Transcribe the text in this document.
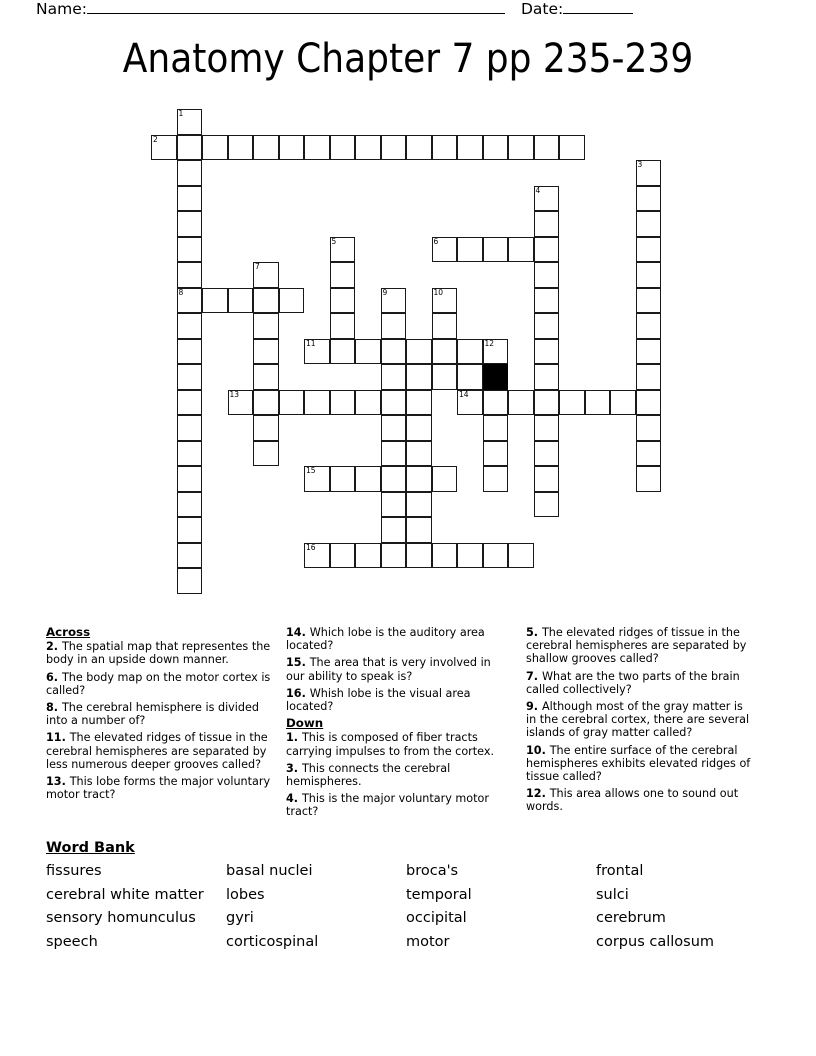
Name:	Date:
Anatomy Chapter 7 pp 235-239
1
2
3
4
5	6
7
8	9	10
11	12
13	14
15
16
Across
2. The spatial map that representes the body in an upside down manner.
6. The body map on the motor cortex is called?
8. The cerebral hemisphere is divided into a number of?
11. The elevated ridges of tissue in the cerebral hemispheres are separated by less numerous deeper grooves called?
13. This lobe forms the major voluntary motor tract?
14. Which lobe is the auditory area located?
15. The area that is very involved in our ability to speak is?
16. Whish lobe is the visual area located?
Down
1. This is composed of fiber tracts carrying impulses to from the cortex.
3. This connects the cerebral hemispheres.
4. This is the major voluntary motor tract?
5. The elevated ridges of tissue in the cerebral hemispheres are separated by shallow grooves called?
7. What are the two parts of the brain called collectively?
9. Although most of the gray matter is in the cerebral cortex, there are several islands of gray matter called?
10. The entire surface of the cerebral hemispheres exhibits elevated ridges of tissue called?
12. This area allows one to sound out words.
Word Bank
fissures	basal nuclei	broca's	frontal
cerebral white matter	lobes	temporal	sulci
sensory homunculus	gyri	occipital	cerebrum
speech	corticospinal	motor	corpus callosum
